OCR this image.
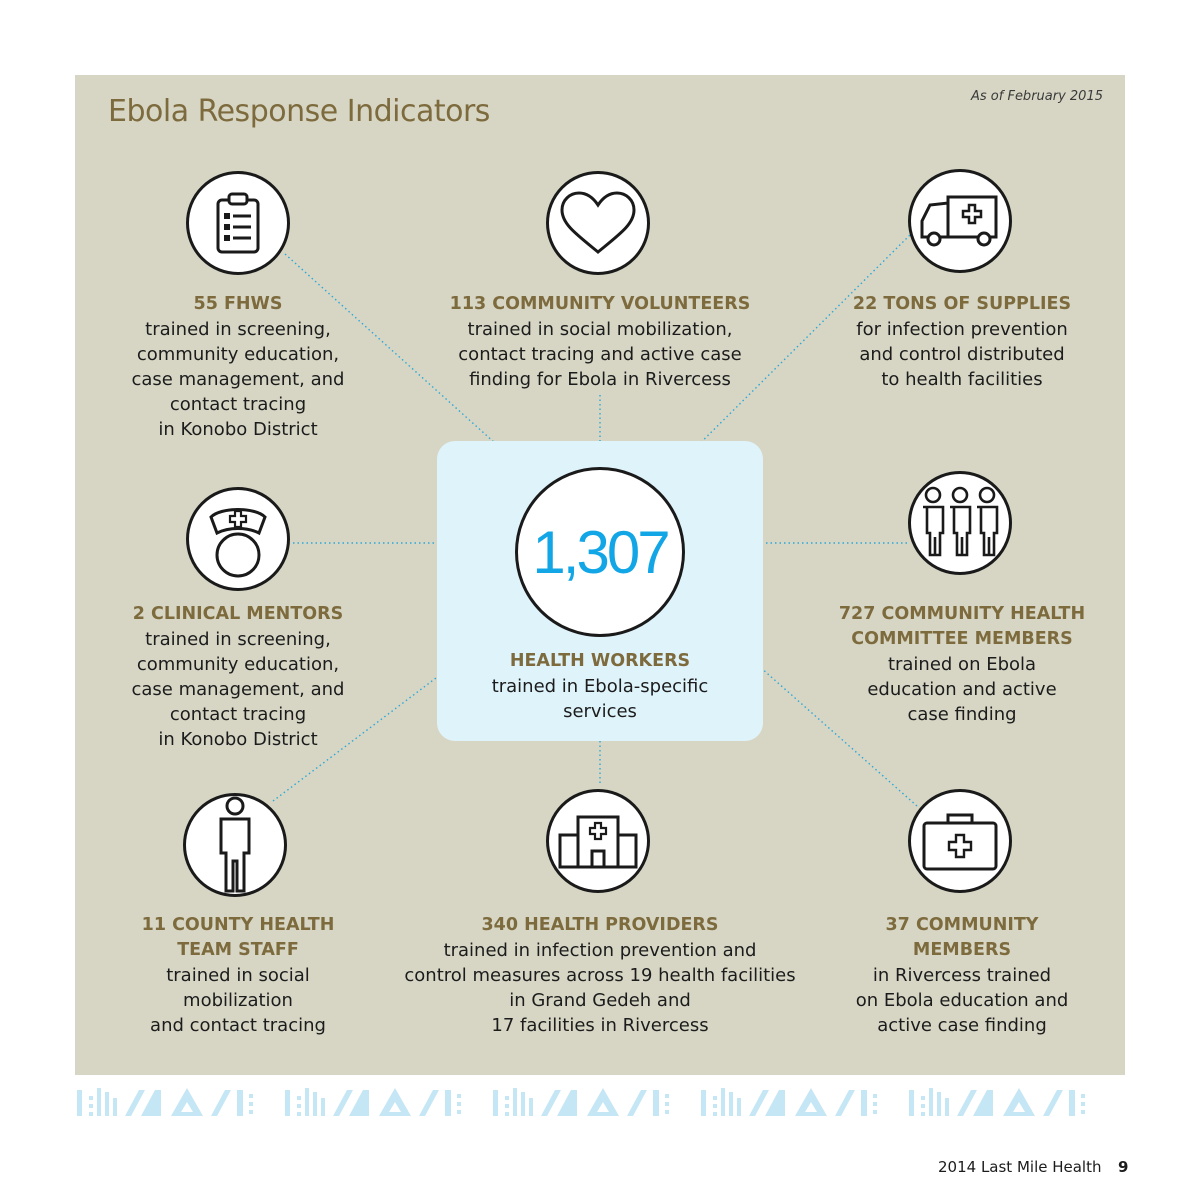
Ebola Response Indicators	As of February 2015
1,307
55 FHWS
trained in screening,
community education,
case management, and
contact tracing
in Konobo District
113 COMMUNITY VOLUNTEERS
trained in social mobilization,
contact tracing and active case
finding for Ebola in Rivercess
22 TONS OF SUPPLIES
for infection prevention
and control distributed
to health facilities
2 CLINICAL MENTORS
trained in screening,
community education,
case management, and
contact tracing
in Konobo District
HEALTH WORKERS
trained in Ebola-specific
services
727 COMMUNITY HEALTH
COMMITTEE MEMBERS
trained on Ebola
education and active
case finding
11 COUNTY HEALTH
TEAM STAFF
trained in social
mobilization
and contact tracing
340 HEALTH PROVIDERS
trained in infection prevention and
control measures across 19 health facilities
in Grand Gedeh and
17 facilities in Rivercess
37 COMMUNITY
MEMBERS
in Rivercess trained
on Ebola education and
active case finding
2014 Last Mile Health 9
